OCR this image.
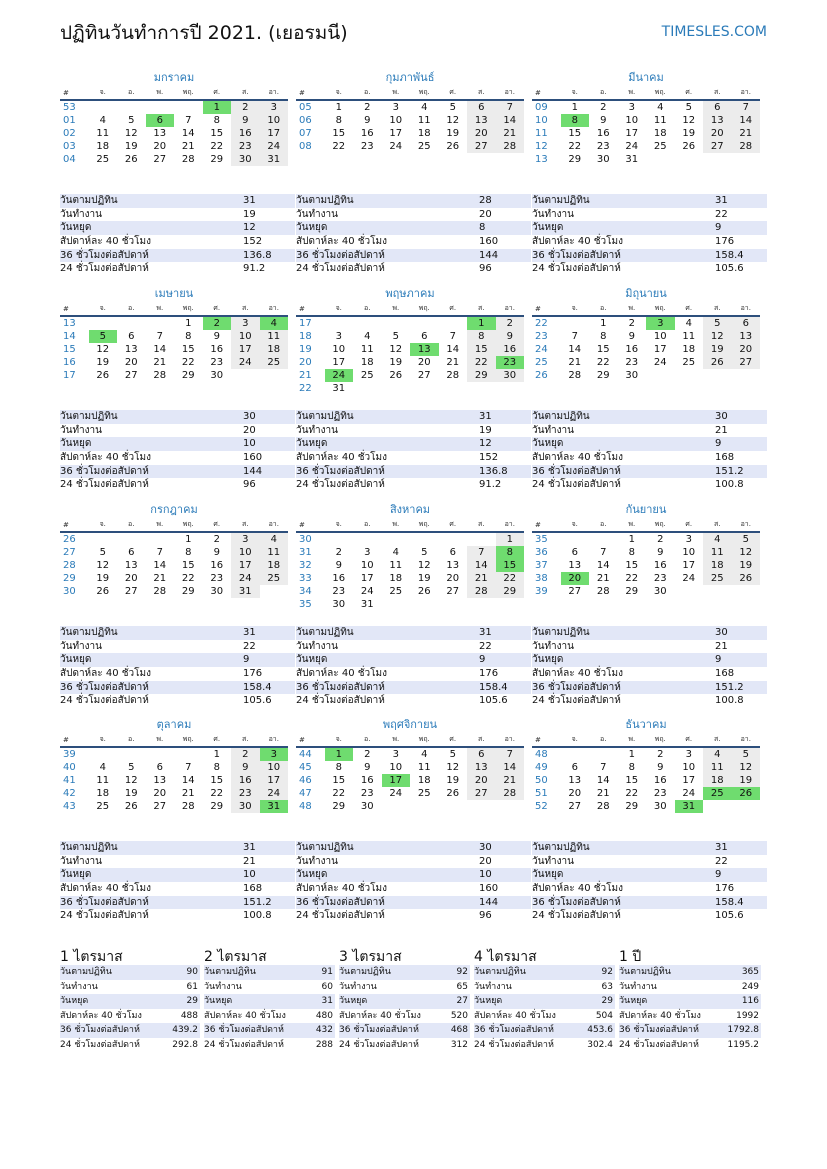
ปฏิทินวันทำการปี 2021. (เยอรมนี)	TIMESLES.COM
มกราคม
#	จ.	อ.	พ.	พฤ.	ศ.	ส.	อา.
53					1	2	3
01	4	5	6	7	8	9	10
02	11	12	13	14	15	16	17
03	18	19	20	21	22	23	24
04	25	26	27	28	29	30	31
วันตามปฏิทิน	31
วันทำงาน	19
วันหยุด	12
สัปดาห์ละ 40 ชั่วโมง	152
36 ชั่วโมงต่อสัปดาห์	136.8
24 ชั่วโมงต่อสัปดาห์	91.2
กุมภาพันธ์
#	จ.	อ.	พ.	พฤ.	ศ.	ส.	อา.
05	1	2	3	4	5	6	7
06	8	9	10	11	12	13	14
07	15	16	17	18	19	20	21
08	22	23	24	25	26	27	28
วันตามปฏิทิน	28
วันทำงาน	20
วันหยุด	8
สัปดาห์ละ 40 ชั่วโมง	160
36 ชั่วโมงต่อสัปดาห์	144
24 ชั่วโมงต่อสัปดาห์	96
มีนาคม
#	จ.	อ.	พ.	พฤ.	ศ.	ส.	อา.
09	1	2	3	4	5	6	7
10	8	9	10	11	12	13	14
11	15	16	17	18	19	20	21
12	22	23	24	25	26	27	28
13	29	30	31				
วันตามปฏิทิน	31
วันทำงาน	22
วันหยุด	9
สัปดาห์ละ 40 ชั่วโมง	176
36 ชั่วโมงต่อสัปดาห์	158.4
24 ชั่วโมงต่อสัปดาห์	105.6
เมษายน
#	จ.	อ.	พ.	พฤ.	ศ.	ส.	อา.
13				1	2	3	4
14	5	6	7	8	9	10	11
15	12	13	14	15	16	17	18
16	19	20	21	22	23	24	25
17	26	27	28	29	30		
วันตามปฏิทิน	30
วันทำงาน	20
วันหยุด	10
สัปดาห์ละ 40 ชั่วโมง	160
36 ชั่วโมงต่อสัปดาห์	144
24 ชั่วโมงต่อสัปดาห์	96
พฤษภาคม
#	จ.	อ.	พ.	พฤ.	ศ.	ส.	อา.
17						1	2
18	3	4	5	6	7	8	9
19	10	11	12	13	14	15	16
20	17	18	19	20	21	22	23
21	24	25	26	27	28	29	30
22	31						
วันตามปฏิทิน	31
วันทำงาน	19
วันหยุด	12
สัปดาห์ละ 40 ชั่วโมง	152
36 ชั่วโมงต่อสัปดาห์	136.8
24 ชั่วโมงต่อสัปดาห์	91.2
มิถุนายน
#	จ.	อ.	พ.	พฤ.	ศ.	ส.	อา.
22		1	2	3	4	5	6
23	7	8	9	10	11	12	13
24	14	15	16	17	18	19	20
25	21	22	23	24	25	26	27
26	28	29	30				
วันตามปฏิทิน	30
วันทำงาน	21
วันหยุด	9
สัปดาห์ละ 40 ชั่วโมง	168
36 ชั่วโมงต่อสัปดาห์	151.2
24 ชั่วโมงต่อสัปดาห์	100.8
กรกฎาคม
#	จ.	อ.	พ.	พฤ.	ศ.	ส.	อา.
26				1	2	3	4
27	5	6	7	8	9	10	11
28	12	13	14	15	16	17	18
29	19	20	21	22	23	24	25
30	26	27	28	29	30	31	
วันตามปฏิทิน	31
วันทำงาน	22
วันหยุด	9
สัปดาห์ละ 40 ชั่วโมง	176
36 ชั่วโมงต่อสัปดาห์	158.4
24 ชั่วโมงต่อสัปดาห์	105.6
สิงหาคม
#	จ.	อ.	พ.	พฤ.	ศ.	ส.	อา.
30							1
31	2	3	4	5	6	7	8
32	9	10	11	12	13	14	15
33	16	17	18	19	20	21	22
34	23	24	25	26	27	28	29
35	30	31					
วันตามปฏิทิน	31
วันทำงาน	22
วันหยุด	9
สัปดาห์ละ 40 ชั่วโมง	176
36 ชั่วโมงต่อสัปดาห์	158.4
24 ชั่วโมงต่อสัปดาห์	105.6
กันยายน
#	จ.	อ.	พ.	พฤ.	ศ.	ส.	อา.
35			1	2	3	4	5
36	6	7	8	9	10	11	12
37	13	14	15	16	17	18	19
38	20	21	22	23	24	25	26
39	27	28	29	30			
วันตามปฏิทิน	30
วันทำงาน	21
วันหยุด	9
สัปดาห์ละ 40 ชั่วโมง	168
36 ชั่วโมงต่อสัปดาห์	151.2
24 ชั่วโมงต่อสัปดาห์	100.8
ตุลาคม
#	จ.	อ.	พ.	พฤ.	ศ.	ส.	อา.
39					1	2	3
40	4	5	6	7	8	9	10
41	11	12	13	14	15	16	17
42	18	19	20	21	22	23	24
43	25	26	27	28	29	30	31
วันตามปฏิทิน	31
วันทำงาน	21
วันหยุด	10
สัปดาห์ละ 40 ชั่วโมง	168
36 ชั่วโมงต่อสัปดาห์	151.2
24 ชั่วโมงต่อสัปดาห์	100.8
พฤศจิกายน
#	จ.	อ.	พ.	พฤ.	ศ.	ส.	อา.
44	1	2	3	4	5	6	7
45	8	9	10	11	12	13	14
46	15	16	17	18	19	20	21
47	22	23	24	25	26	27	28
48	29	30					
วันตามปฏิทิน	30
วันทำงาน	20
วันหยุด	10
สัปดาห์ละ 40 ชั่วโมง	160
36 ชั่วโมงต่อสัปดาห์	144
24 ชั่วโมงต่อสัปดาห์	96
ธันวาคม
#	จ.	อ.	พ.	พฤ.	ศ.	ส.	อา.
48			1	2	3	4	5
49	6	7	8	9	10	11	12
50	13	14	15	16	17	18	19
51	20	21	22	23	24	25	26
52	27	28	29	30	31		
วันตามปฏิทิน	31
วันทำงาน	22
วันหยุด	9
สัปดาห์ละ 40 ชั่วโมง	176
36 ชั่วโมงต่อสัปดาห์	158.4
24 ชั่วโมงต่อสัปดาห์	105.6
1 ไตรมาส
วันตามปฏิทิน	90
วันทำงาน	61
วันหยุด	29
สัปดาห์ละ 40 ชั่วโมง	488
36 ชั่วโมงต่อสัปดาห์	439.2
24 ชั่วโมงต่อสัปดาห์	292.8
2 ไตรมาส
วันตามปฏิทิน	91
วันทำงาน	60
วันหยุด	31
สัปดาห์ละ 40 ชั่วโมง	480
36 ชั่วโมงต่อสัปดาห์	432
24 ชั่วโมงต่อสัปดาห์	288
3 ไตรมาส
วันตามปฏิทิน	92
วันทำงาน	65
วันหยุด	27
สัปดาห์ละ 40 ชั่วโมง	520
36 ชั่วโมงต่อสัปดาห์	468
24 ชั่วโมงต่อสัปดาห์	312
4 ไตรมาส
วันตามปฏิทิน	92
วันทำงาน	63
วันหยุด	29
สัปดาห์ละ 40 ชั่วโมง	504
36 ชั่วโมงต่อสัปดาห์	453.6
24 ชั่วโมงต่อสัปดาห์	302.4
1 ปี
วันตามปฏิทิน	365
วันทำงาน	249
วันหยุด	116
สัปดาห์ละ 40 ชั่วโมง	1992
36 ชั่วโมงต่อสัปดาห์	1792.8
24 ชั่วโมงต่อสัปดาห์	1195.2
